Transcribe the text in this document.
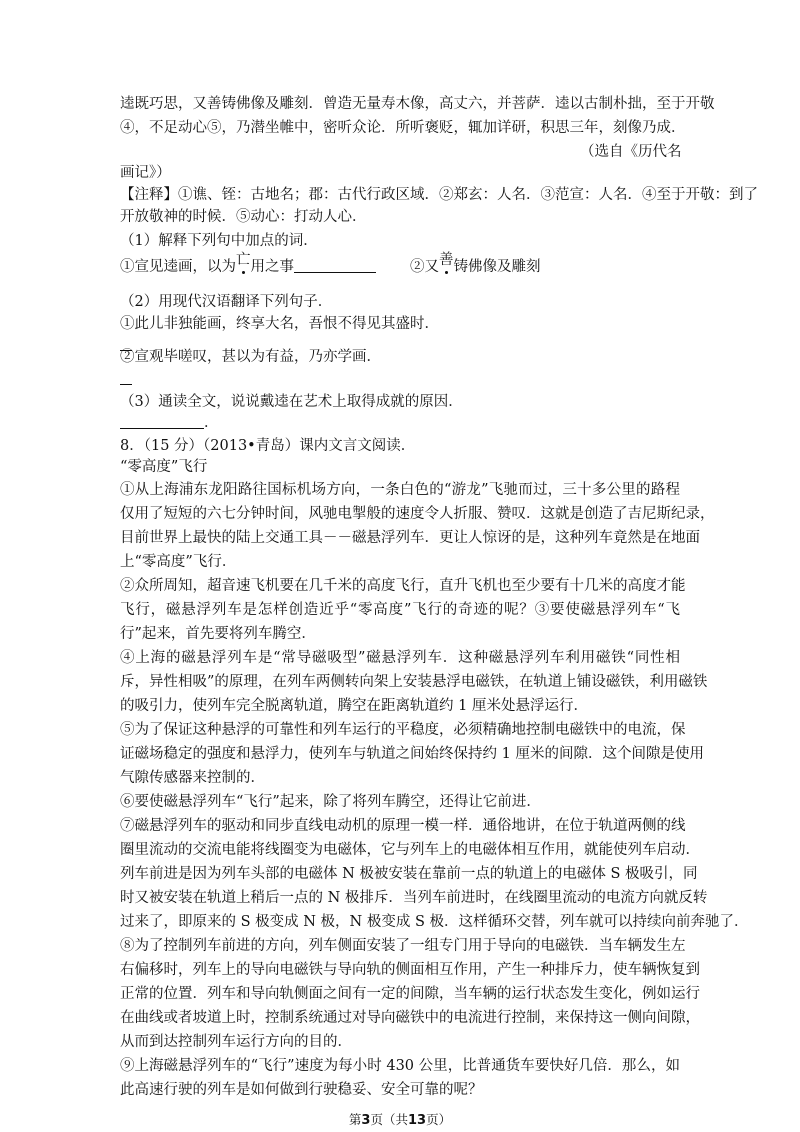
逵既巧思，又善铸佛像及雕刻．曾造无量寿木像，高丈六，并菩萨．逵以古制朴拙，至于开敬
④，不足动心⑤，乃潜坐帷中，密听众论．所听褒贬，辄加详研，积思三年，刻像乃成．
（选自《历代名
画记》）
【注释】①谯、铚：古地名；郡：古代行政区域．②郑玄：人名．③范宣：人名．④至于开敬：到了
开放敬神的时候．⑤动心：打动人心．
（1）解释下列句中加点的词．
①宣见逵画，以为亡用之事	②又善铸佛像及雕刻
（2）用现代汉语翻译下列句子．
①此儿非独能画，终享大名，吾恨不得见其盛时．
②宣观毕嗟叹，甚以为有益，乃亦学画．
（3）通读全文，说说戴逵在艺术上取得成就的原因．
．
8．（15 分）（2013•青岛）课内文言文阅读．
“零高度”飞行
①从上海浦东龙阳路往国标机场方向，一条白色的“游龙”飞驰而过，三十多公里的路程
仅用了短短的六七分钟时间，风驰电掣般的速度令人折服、赞叹．这就是创造了吉尼斯纪录，
目前世界上最快的陆上交通工具－－磁悬浮列车．更让人惊讶的是，这种列车竟然是在地面
上“零高度”飞行．
②众所周知，超音速飞机要在几千米的高度飞行，直升飞机也至少要有十几米的高度才能
飞行，磁悬浮列车是怎样创造近乎“零高度”飞行的奇迹的呢？③要使磁悬浮列车“飞
行”起来，首先要将列车腾空．
④上海的磁悬浮列车是“常导磁吸型”磁悬浮列车．这种磁悬浮列车利用磁铁“同性相
斥，异性相吸”的原理，在列车两侧转向架上安装悬浮电磁铁，在轨道上铺设磁铁，利用磁铁
的吸引力，使列车完全脱离轨道，腾空在距离轨道约 1 厘米处悬浮运行．
⑤为了保证这种悬浮的可靠性和列车运行的平稳度，必须精确地控制电磁铁中的电流，保
证磁场稳定的强度和悬浮力，使列车与轨道之间始终保持约 1 厘米的间隙．这个间隙是使用
气隙传感器来控制的．
⑥要使磁悬浮列车“飞行”起来，除了将列车腾空，还得让它前进．
⑦磁悬浮列车的驱动和同步直线电动机的原理一模一样．通俗地讲，在位于轨道两侧的线
圈里流动的交流电能将线圈变为电磁体，它与列车上的电磁体相互作用，就能使列车启动．
列车前进是因为列车头部的电磁体 N 极被安装在靠前一点的轨道上的电磁体 S 极吸引，同
时又被安装在轨道上稍后一点的 N 极排斥．当列车前进时，在线圈里流动的电流方向就反转
过来了，即原来的 S 极变成 N 极，N 极变成 S 极．这样循环交替，列车就可以持续向前奔驰了．
⑧为了控制列车前进的方向，列车侧面安装了一组专门用于导向的电磁铁．当车辆发生左
右偏移时，列车上的导向电磁铁与导向轨的侧面相互作用，产生一种排斥力，使车辆恢复到
正常的位置．列车和导向轨侧面之间有一定的间隙，当车辆的运行状态发生变化，例如运行
在曲线或者坡道上时，控制系统通过对导向磁铁中的电流进行控制，来保持这一侧向间隙，
从而到达控制列车运行方向的目的．
⑨上海磁悬浮列车的“飞行”速度为每小时 430 公里，比普通货车要快好几倍．那么，如
此高速行驶的列车是如何做到行驶稳妥、安全可靠的呢？
第3页（共13页）
